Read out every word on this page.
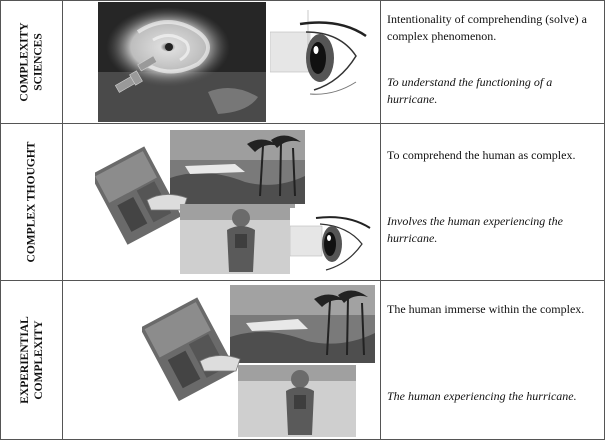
COMPLEXITY SCIENCES
Intentionality of comprehending (solve) a complex phenomenon.
To understand the functioning of a hurricane.
COMPLEX THOUGHT	To comprehend the human as complex.
Involves the human experiencing the hurricane.
EXPERIENTIAL COMPLEXITY
The human immerse within the complex.
The human experiencing the hurricane.
